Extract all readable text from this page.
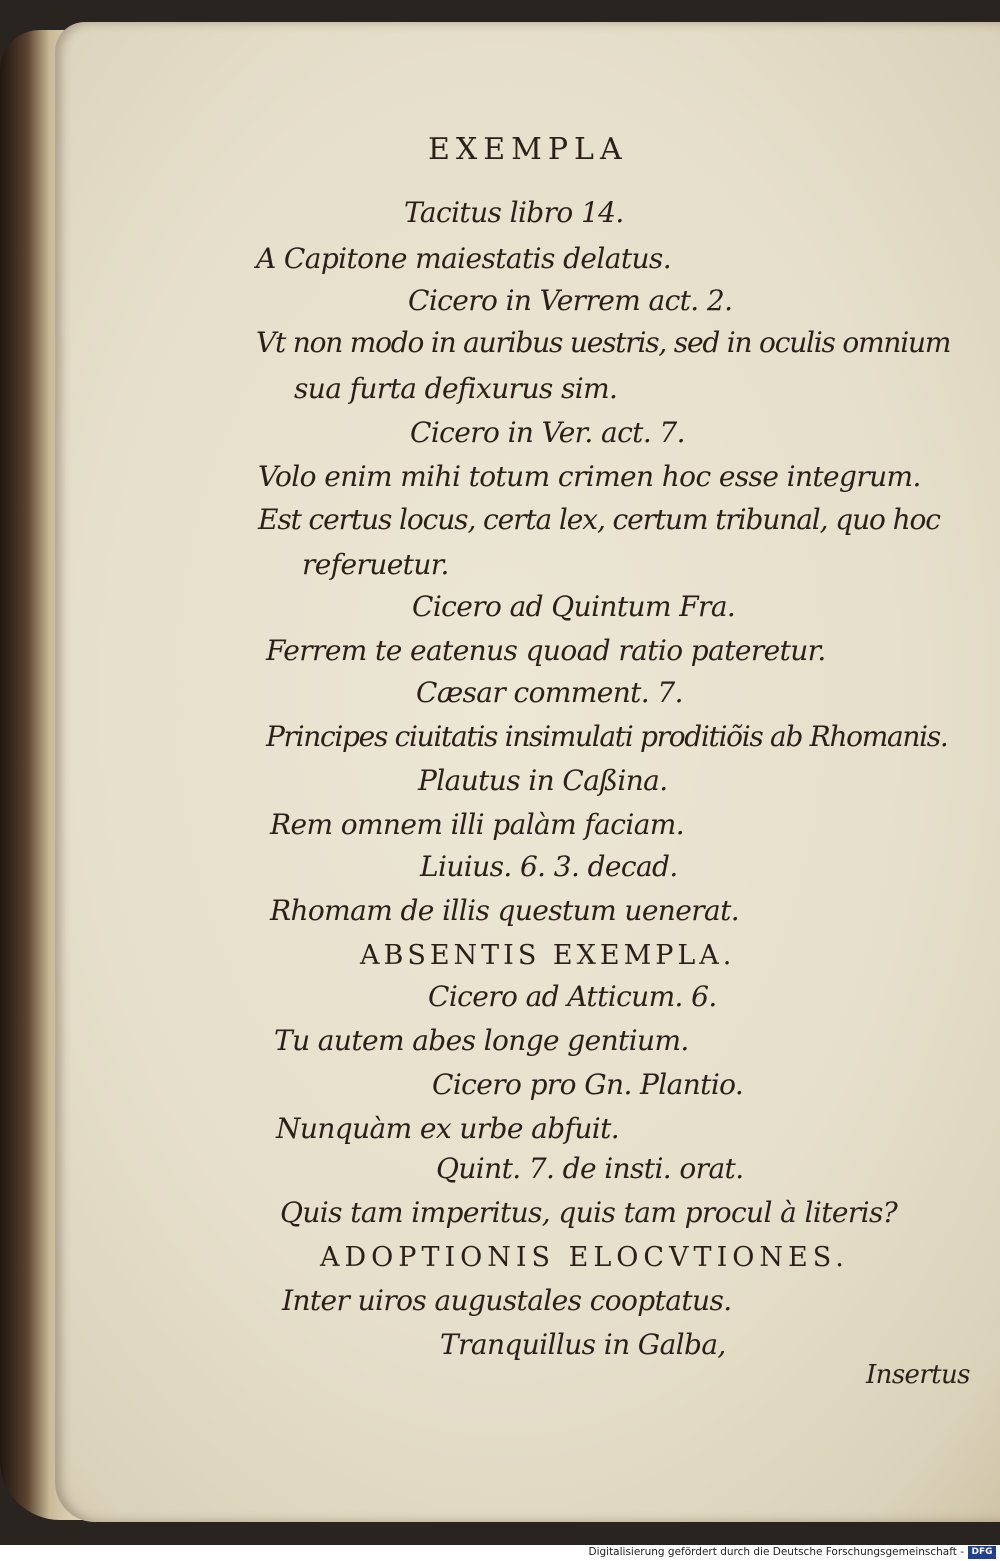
EXEMPLA
Tacitus libro 14.
A Capitone maiestatis delatus.
Cicero in Verrem act. 2.
Vt non modo in auribus uestris, sed in oculis omnium
sua furta defixurus sim.
Cicero in Ver. act. 7.
Volo enim mihi totum crimen hoc esse integrum.
Est certus locus, certa lex, certum tribunal, quo hoc
referuetur.
Cicero ad Quintum Fra.
Ferrem te eatenus quoad ratio pateretur.
Cæsar comment. 7.
Principes ciuitatis insimulati proditiõis ab Rhomanis.
Plautus in Caßina.
Rem omnem illi palàm faciam.
Liuius. 6. 3. decad.
Rhomam de illis questum uenerat.
ABSENTIS EXEMPLA.
Cicero ad Atticum. 6.
Tu autem abes longe gentium.
Cicero pro Gn. Plantio.
Nunquàm ex urbe abfuit.
Quint. 7. de insti. orat.
Quis tam imperitus, quis tam procul à literis?
ADOPTIONIS ELOCVTIONES.
Inter uiros augustales cooptatus.
Tranquillus in Galba,
Insertus
Digitalisierung gefördert durch die Deutsche Forschungsgemeinschaft - DFG
